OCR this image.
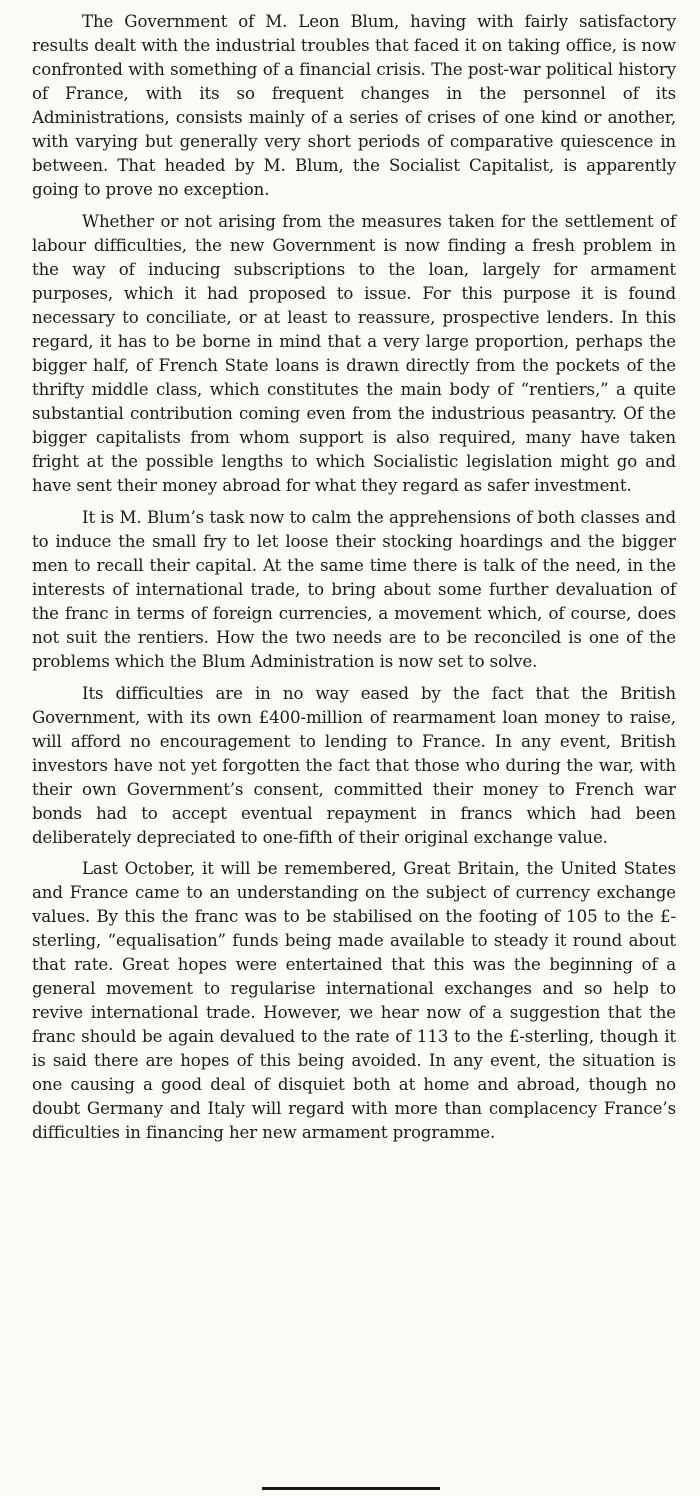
The Government of M. Leon Blum, having with fairly satisfactory results dealt with the industrial troubles that faced it on taking office, is now confronted with something of a financial crisis. The post-war political history of France, with its so frequent changes in the personnel of its Administrations, consists mainly of a series of crises of one kind or another, with varying but generally very short periods of comparative quiescence in between. That headed by M. Blum, the Socialist Capitalist, is apparently going to prove no exception.

Whether or not arising from the measures taken for the settlement of labour difficulties, the new Government is now finding a fresh problem in the way of inducing subscriptions to the loan, largely for armament purposes, which it had proposed to issue. For this purpose it is found necessary to conciliate, or at least to reassure, prospective lenders. In this regard, it has to be borne in mind that a very large proportion, perhaps the bigger half, of French State loans is drawn directly from the pockets of the thrifty middle class, which constitutes the main body of “rentiers,” a quite substantial contribution coming even from the industrious peasantry. Of the bigger capitalists from whom support is also required, many have taken fright at the possible lengths to which Socialistic legislation might go and have sent their money abroad for what they regard as safer investment.

It is M. Blum’s task now to calm the apprehensions of both classes and to induce the small fry to let loose their stocking hoardings and the bigger men to recall their capital. At the same time there is talk of the need, in the interests of international trade, to bring about some further devaluation of the franc in terms of foreign currencies, a movement which, of course, does not suit the rentiers. How the two needs are to be reconciled is one of the problems which the Blum Administration is now set to solve.

Its difficulties are in no way eased by the fact that the British Government, with its own £400-million of rearmament loan money to raise, will afford no encouragement to lending to France. In any event, British investors have not yet forgotten the fact that those who during the war, with their own Government’s consent, committed their money to French war bonds had to accept eventual repayment in francs which had been deliberately depreciated to one-fifth of their original exchange value.

Last October, it will be remembered, Great Britain, the United States and France came to an understanding on the subject of currency exchange values. By this the franc was to be stabilised on the footing of 105 to the £-sterling, “equalisation” funds being made available to steady it round about that rate. Great hopes were entertained that this was the beginning of a general movement to regularise international exchanges and so help to revive international trade. However, we hear now of a suggestion that the franc should be again devalued to the rate of 113 to the £-sterling, though it is said there are hopes of this being avoided. In any event, the situation is one causing a good deal of disquiet both at home and abroad, though no doubt Germany and Italy will regard with more than complacency France’s difficulties in financing her new armament programme.
